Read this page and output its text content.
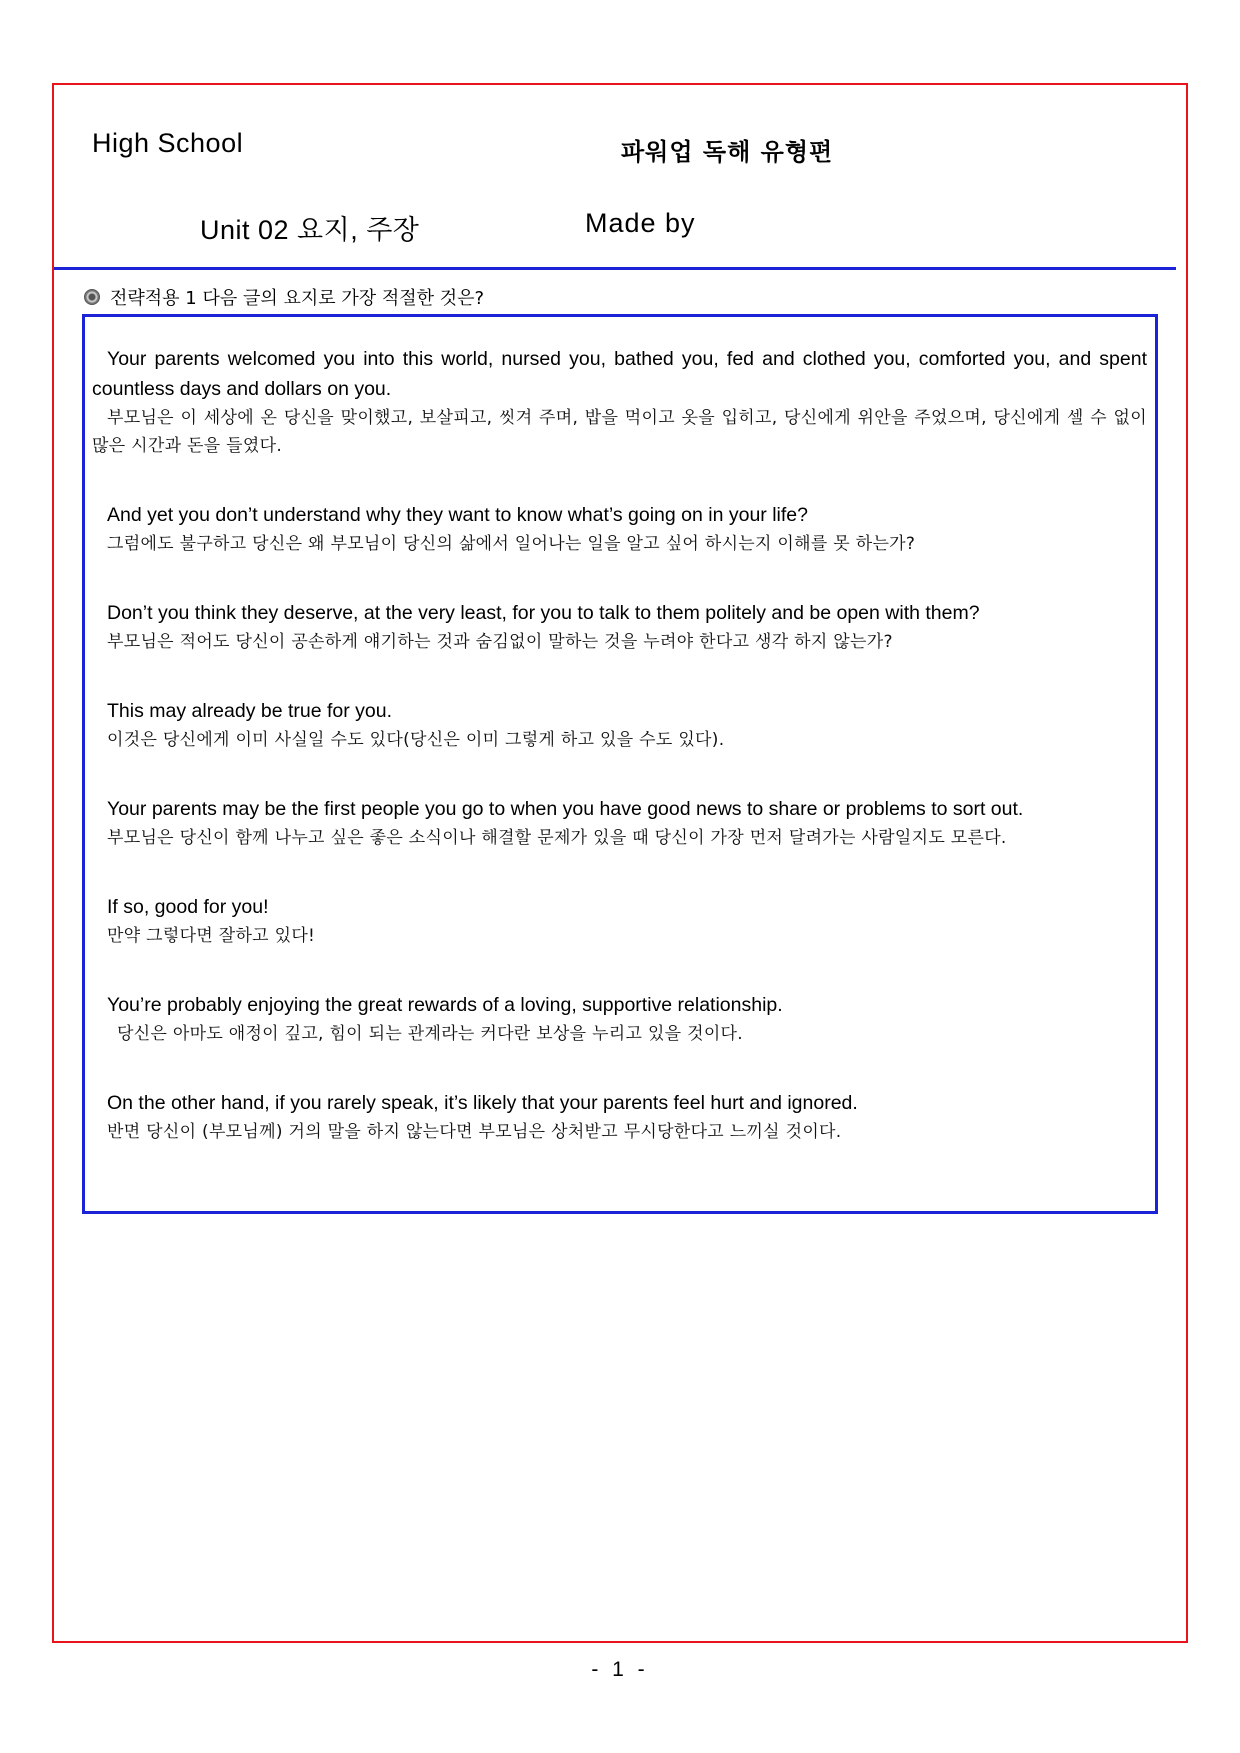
High School	파워업 독해 유형편
Unit 02 요지, 주장	Made by
전략적용 1 다음 글의 요지로 가장 적절한 것은?
Your parents welcomed you into this world, nursed you, bathed you, fed and clothed you, comforted you, and spent countless days and dollars on you.
부모님은 이 세상에 온 당신을 맞이했고, 보살피고, 씻겨 주며, 밥을 먹이고 옷을 입히고, 당신에게 위안을 주었으며, 당신에게 셀 수 없이 많은 시간과 돈을 들였다.
And yet you don’t understand why they want to know what’s going on in your life?
그럼에도 불구하고 당신은 왜 부모님이 당신의 삶에서 일어나는 일을 알고 싶어 하시는지 이해를 못 하는가?
Don’t you think they deserve, at the very least, for you to talk to them politely and be open with them?
부모님은 적어도 당신이 공손하게 얘기하는 것과 숨김없이 말하는 것을 누려야 한다고 생각 하지 않는가?
This may already be true for you.
이것은 당신에게 이미 사실일 수도 있다(당신은 이미 그렇게 하고 있을 수도 있다).
Your parents may be the first people you go to when you have good news to share or problems to sort out.
부모님은 당신이 함께 나누고 싶은 좋은 소식이나 해결할 문제가 있을 때 당신이 가장 먼저 달려가는 사람일지도 모른다.
If so, good for you!
만약 그렇다면 잘하고 있다!
You’re probably enjoying the great rewards of a loving, supportive relationship.
당신은 아마도 애정이 깊고, 힘이 되는 관계라는 커다란 보상을 누리고 있을 것이다.
On the other hand, if you rarely speak, it’s likely that your parents feel hurt and ignored.
반면 당신이 (부모님께) 거의 말을 하지 않는다면 부모님은 상처받고 무시당한다고 느끼실 것이다.
- 1 -
